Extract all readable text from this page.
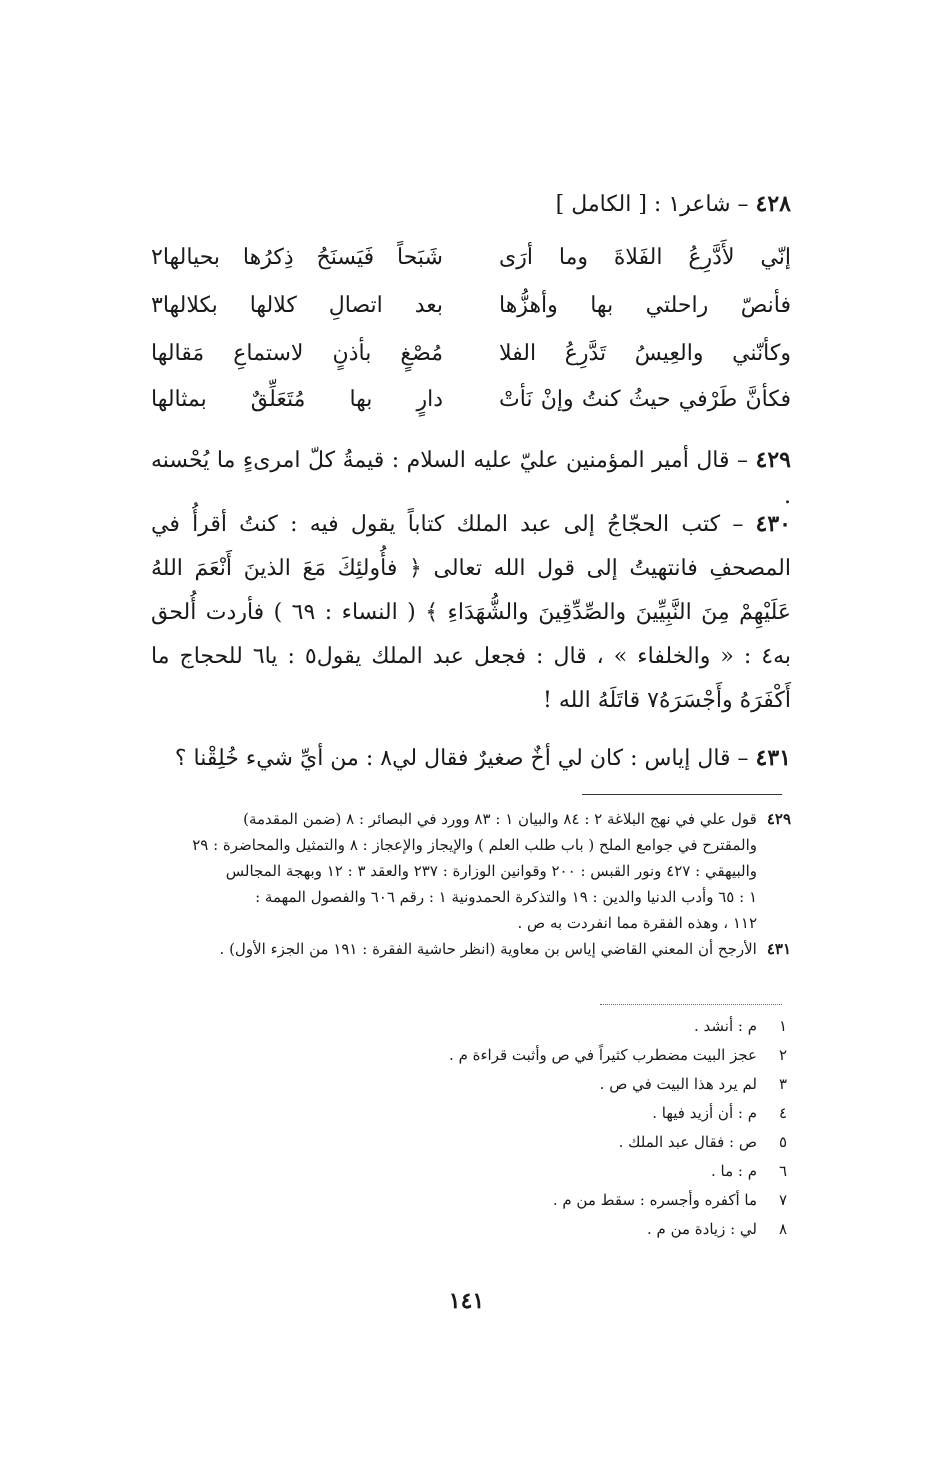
٤٢٨ – شاعر١ : [ الكامل ]
إنّي لأَدَّرِعُ الفَلاةَ وما أرَى
شَبَحاً فَيَسنَحُ ذِكرُها بحيالها٢
فأنصّ راحلتي بها وأهزُّها
بعد اتصالِ كلالها بكلالها٣
وكأنّني والعِيسُ تَدَّرِعُ الفلا
مُصْغٍ بأذنٍ لاستماعِ مَقالها
فكأنَّ طَرْفي حيثُ كنتُ وإنْ نَأتْ
دارٍ بها مُتَعَلِّقٌ بمثالها
٤٢٩ – قال أمير المؤمنين عليّ عليه السلام : قيمةُ كلّ امرىءٍ ما يُحْسنه .
٤٣٠ – كتب الحجّاجُ إلى عبد الملك كتاباً يقول فيه : كنتُ أقرأُ في المصحفِ فانتهيتُ إلى قول الله تعالى ﴿ فأُولئِكَ مَعَ الذينَ أَنْعَمَ اللهُ عَلَيْهِمْ مِنَ النَّبِيِّينَ والصِّدِّقِينَ والشُّهَدَاءِ ﴾ ( النساء : ٦٩ ) فأردت أُلحق به٤ : « والخلفاء » ، قال : فجعل عبد الملك يقول٥ : يا٦ للحجاج ما أَكْفَرَهُ وأَجْسَرَهُ٧ قاتَلَهُ الله !
٤٣١ – قال إياس : كان لي أخٌ صغيرٌ فقال لي٨ : من أيِّ شيء خُلِقْنا ؟

٤٢٩قول علي في نهج البلاغة ٢ : ٨٤ والبيان ١ : ٨٣ وورد في البصائر : ٨ (ضمن المقدمة)

والمقترح في جوامع الملح ( باب طلب العلم ) والإيجاز والإعجاز : ٨ والتمثيل والمحاضرة : ٢٩

والبيهقي : ٤٢٧ ونور القبس : ٢٠٠ وقوانين الوزارة : ٢٣٧ والعقد ٣ : ١٢ وبهجة المجالس

١ : ٦٥ وأدب الدنيا والدين : ١٩ والتذكرة الحمدونية ١ : رقم ٦٠٦ والفصول المهمة :

١١٢ ، وهذه الفقرة مما انفردت به ص .

٤٣١الأرجح أن المعني القاضي إياس بن معاوية (انظر حاشية الفقرة : ١٩١ من الجزء الأول) .

١
م : أنشد .
٢
عجز البيت مضطرب كثيراً في ص وأثبت قراءة م .
٣
لم يرد هذا البيت في ص .
٤
م : أن أزيد فيها .
٥
ص : فقال عبد الملك .
٦
م : ما .
٧
ما أكفره وأجسره : سقط من م .
٨
لي : زيادة من م .
١٤١
